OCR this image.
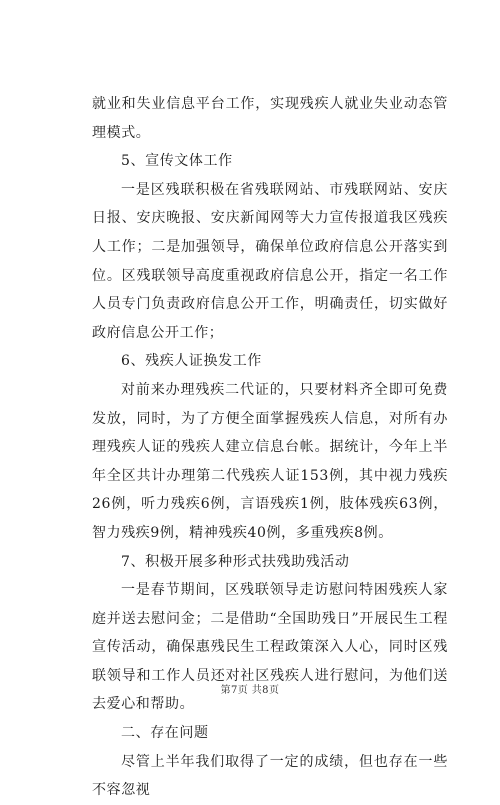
就业和失业信息平台工作，实现残疾人就业失业动态管理模式。

5、宣传文体工作

一是区残联积极在省残联网站、市残联网站、安庆日报、安庆晚报、安庆新闻网等大力宣传报道我区残疾人工作；二是加强领导，确保单位政府信息公开落实到位。区残联领导高度重视政府信息公开，指定一名工作人员专门负责政府信息公开工作，明确责任，切实做好政府信息公开工作；

6、残疾人证换发工作

对前来办理残疾二代证的，只要材料齐全即可免费发放，同时，为了方便全面掌握残疾人信息，对所有办理残疾人证的残疾人建立信息台帐。据统计，今年上半年全区共计办理第二代残疾人证153例，其中视力残疾26例，听力残疾6例，言语残疾1例，肢体残疾63例，智力残疾9例，精神残疾40例，多重残疾8例。

7、积极开展多种形式扶残助残活动

一是春节期间，区残联领导走访慰问特困残疾人家庭并送去慰问金；二是借助“全国助残日”开展民生工程宣传活动，确保惠残民生工程政策深入人心，同时区残联领导和工作人员还对社区残疾人进行慰问，为他们送去爱心和帮助。

二、存在问题

尽管上半年我们取得了一定的成绩，但也存在一些不容忽视

第7页 共8页
